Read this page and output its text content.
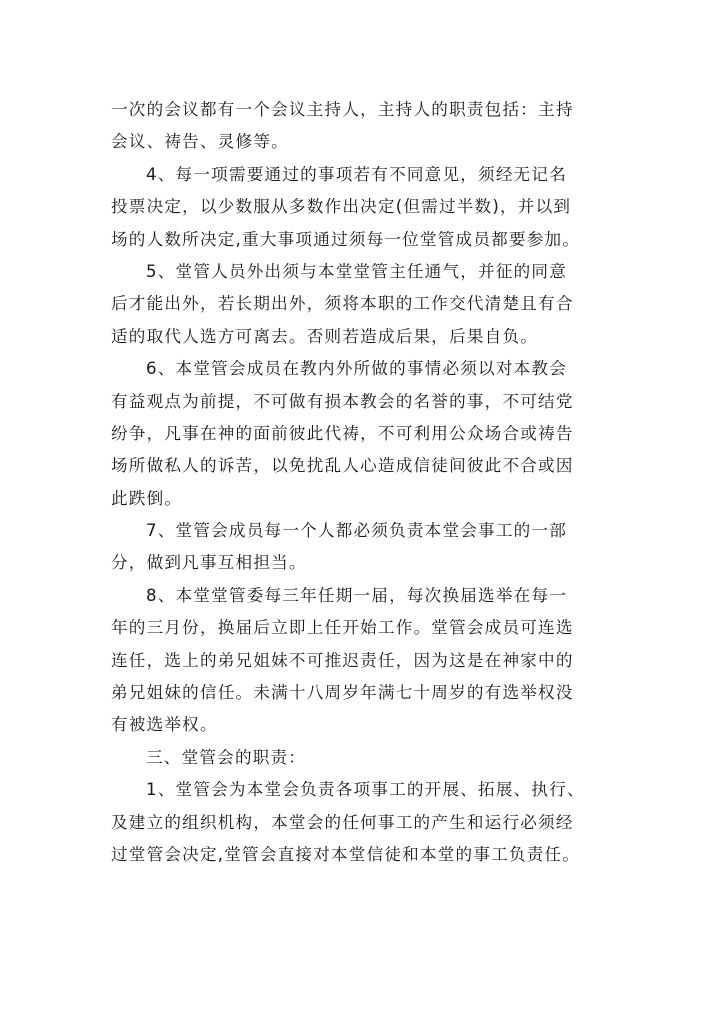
一次的会议都有一个会议主持人，主持人的职责包括：主持
会议、祷告、灵修等。
4、每一项需要通过的事项若有不同意见，须经无记名
投票决定，以少数服从多数作出决定(但需过半数)，并以到
场的人数所决定,重大事项通过须每一位堂管成员都要参加。
5、堂管人员外出须与本堂堂管主任通气，并征的同意
后才能出外，若长期出外，须将本职的工作交代清楚且有合
适的取代人选方可离去。否则若造成后果，后果自负。
6、本堂管会成员在教内外所做的事情必须以对本教会
有益观点为前提，不可做有损本教会的名誉的事，不可结党
纷争，凡事在神的面前彼此代祷，不可利用公众场合或祷告
场所做私人的诉苦，以免扰乱人心造成信徒间彼此不合或因
此跌倒。
7、堂管会成员每一个人都必须负责本堂会事工的一部
分，做到凡事互相担当。
8、本堂堂管委每三年任期一届，每次换届选举在每一
年的三月份，换届后立即上任开始工作。堂管会成员可连选
连任，选上的弟兄姐妹不可推迟责任，因为这是在神家中的
弟兄姐妹的信任。未满十八周岁年满七十周岁的有选举权没
有被选举权。
三、堂管会的职责：
1、堂管会为本堂会负责各项事工的开展、拓展、执行、
及建立的组织机构，本堂会的任何事工的产生和运行必须经
过堂管会决定,堂管会直接对本堂信徒和本堂的事工负责任。
